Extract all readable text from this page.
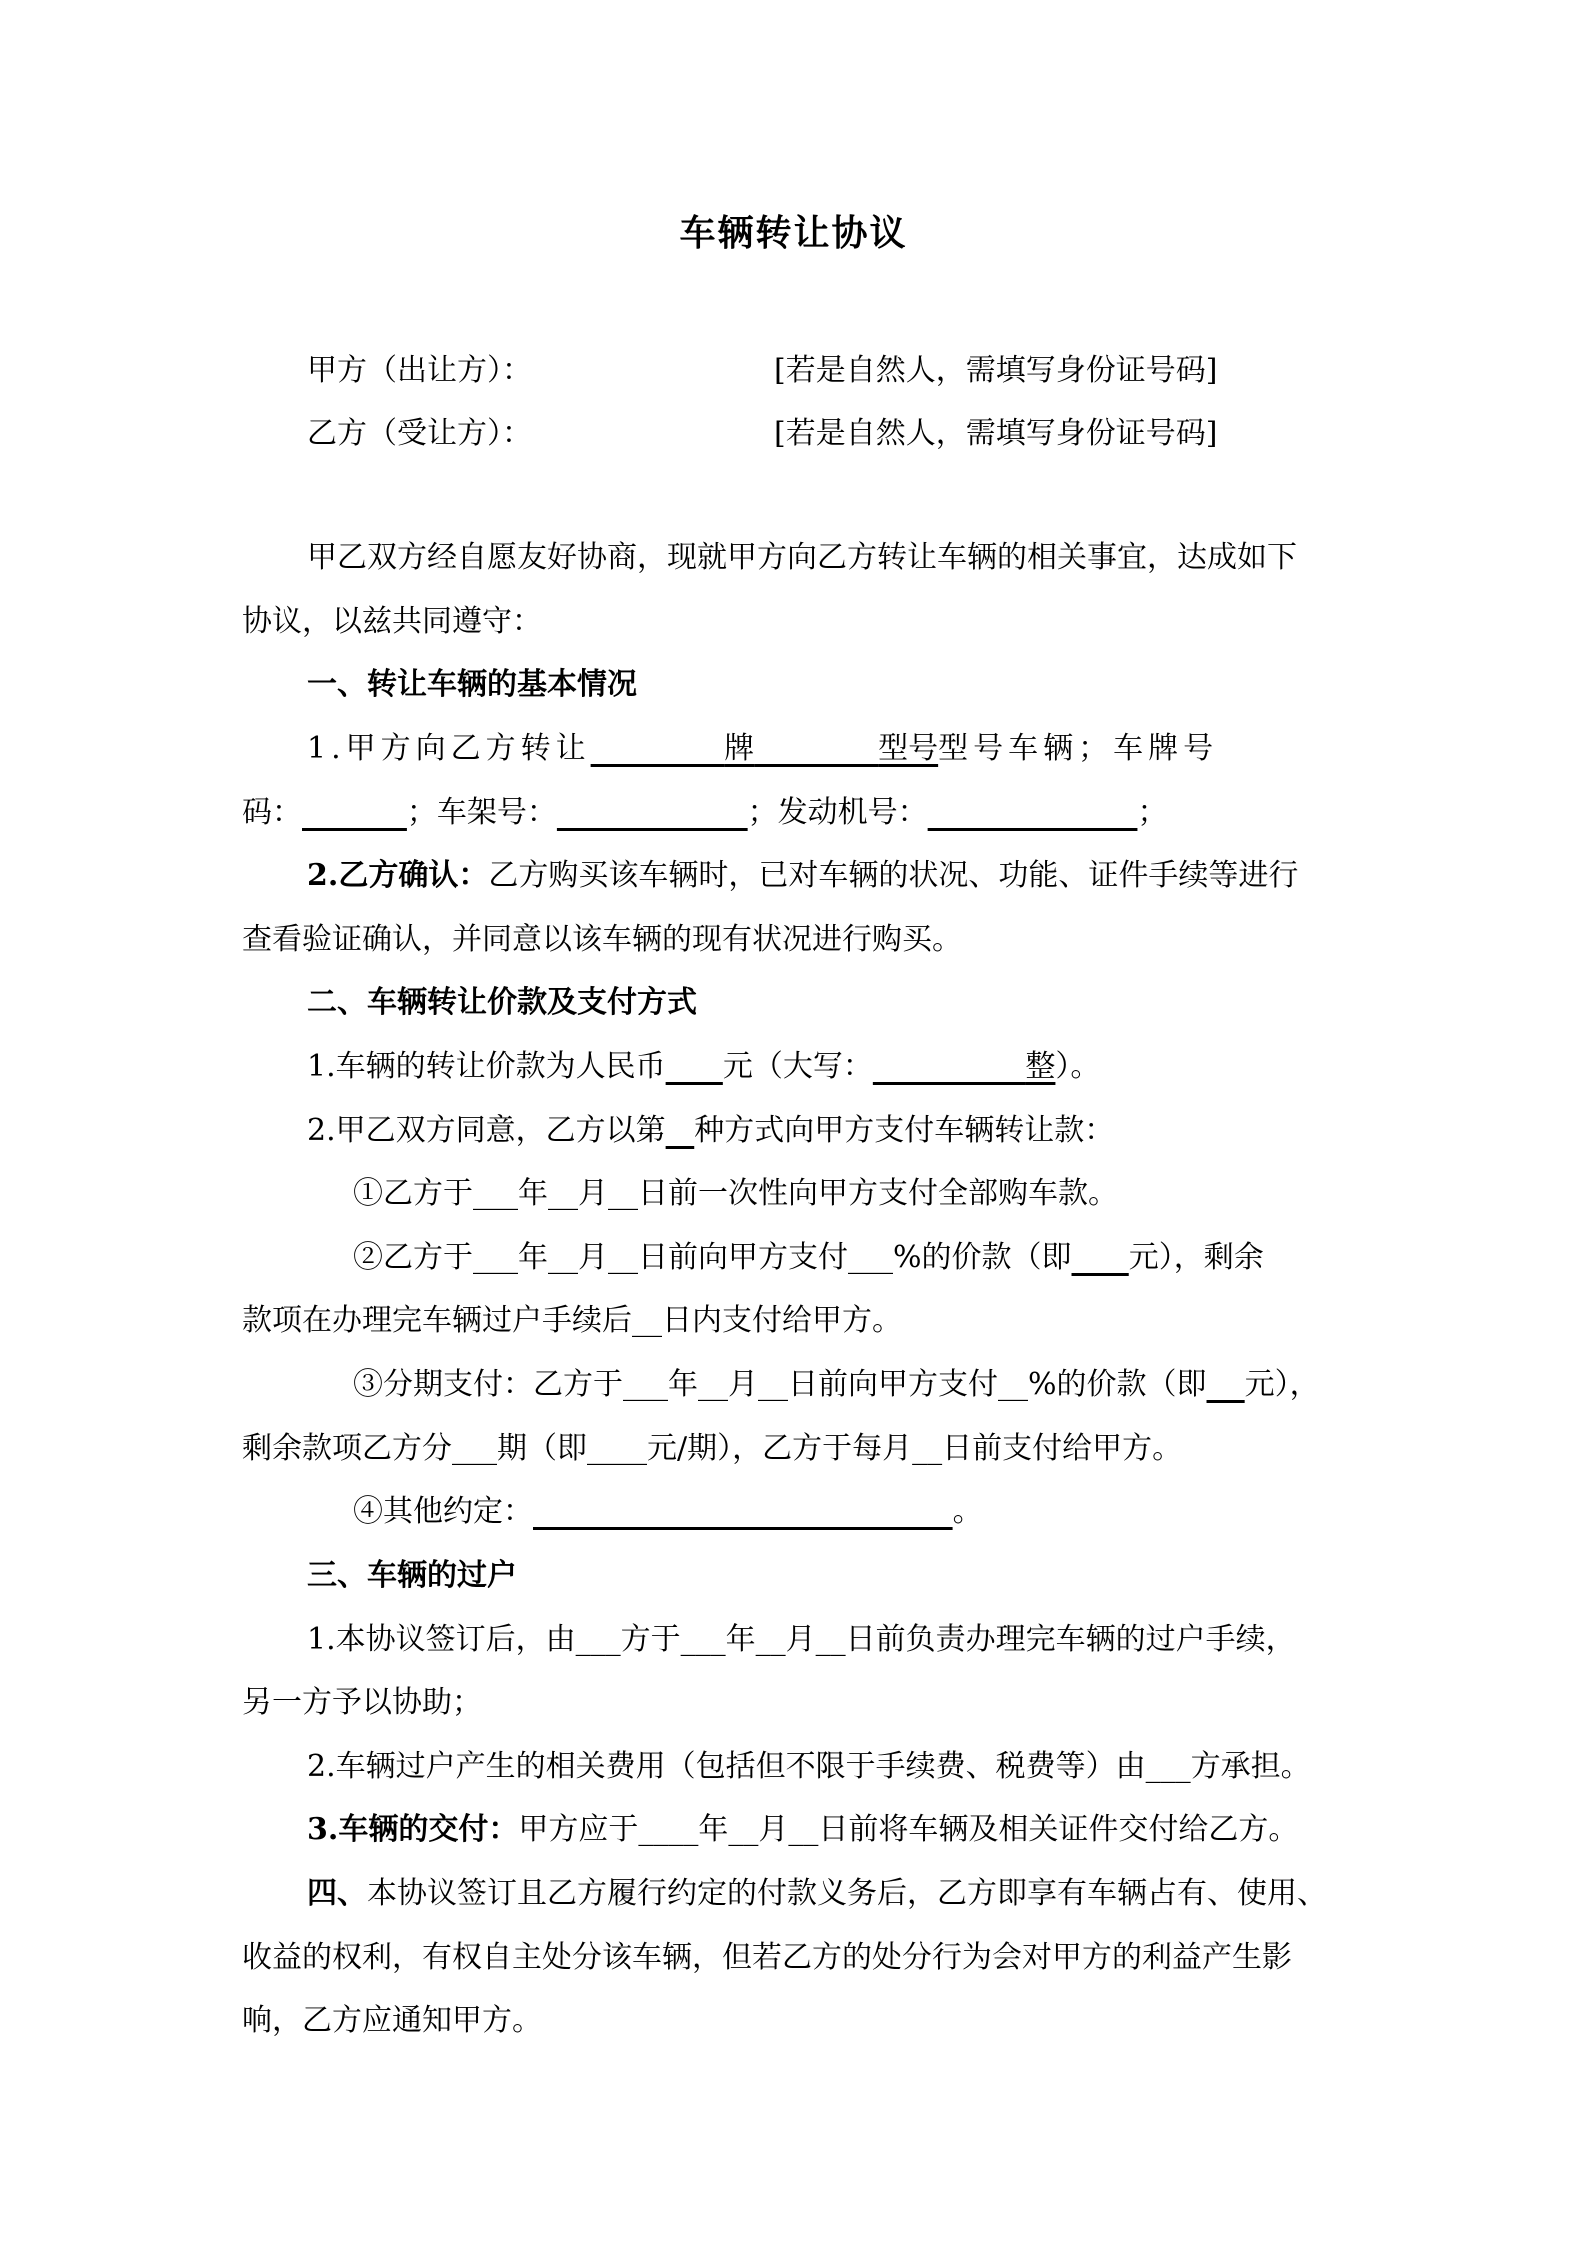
车辆转让协议
甲方（出让方）：	[若是自然人，需填写身份证号码]
乙方（受让方）：	[若是自然人，需填写身份证号码]
甲乙双方经自愿友好协商，现就甲方向乙方转让车辆的相关事宜，达成如下
协议，以兹共同遵守：
一、转让车辆的基本情况
1.甲方向乙方转让	牌	型号型号车辆；车牌号
码：	；车架号：	；发动机号：	；
2.乙方确认：乙方购买该车辆时，已对车辆的状况、功能、证件手续等进行
查看验证确认，并同意以该车辆的现有状况进行购买。
二、车辆转让价款及支付方式
1.车辆的转让价款为人民币 元（大写：	整）。
2.甲乙双方同意，乙方以第 种方式向甲方支付车辆转让款：
①乙方于___年__月__日前一次性向甲方支付全部购车款。
②乙方于___年__月__日前向甲方支付___%的价款（即 元），剩余
款项在办理完车辆过户手续后__日内支付给甲方。
③分期支付：乙方于___年__月__日前向甲方支付__%的价款（即 元），
剩余款项乙方分___期（即____元/期），乙方于每月__日前支付给甲方。
④其他约定：	。
三、车辆的过户
1.本协议签订后，由___方于___年__月__日前负责办理完车辆的过户手续，
另一方予以协助；
2.车辆过户产生的相关费用（包括但不限于手续费、税费等）由___方承担。
3.车辆的交付：甲方应于____年__月__日前将车辆及相关证件交付给乙方。
四、本协议签订且乙方履行约定的付款义务后，乙方即享有车辆占有、使用、
收益的权利，有权自主处分该车辆，但若乙方的处分行为会对甲方的利益产生影
响，乙方应通知甲方。
